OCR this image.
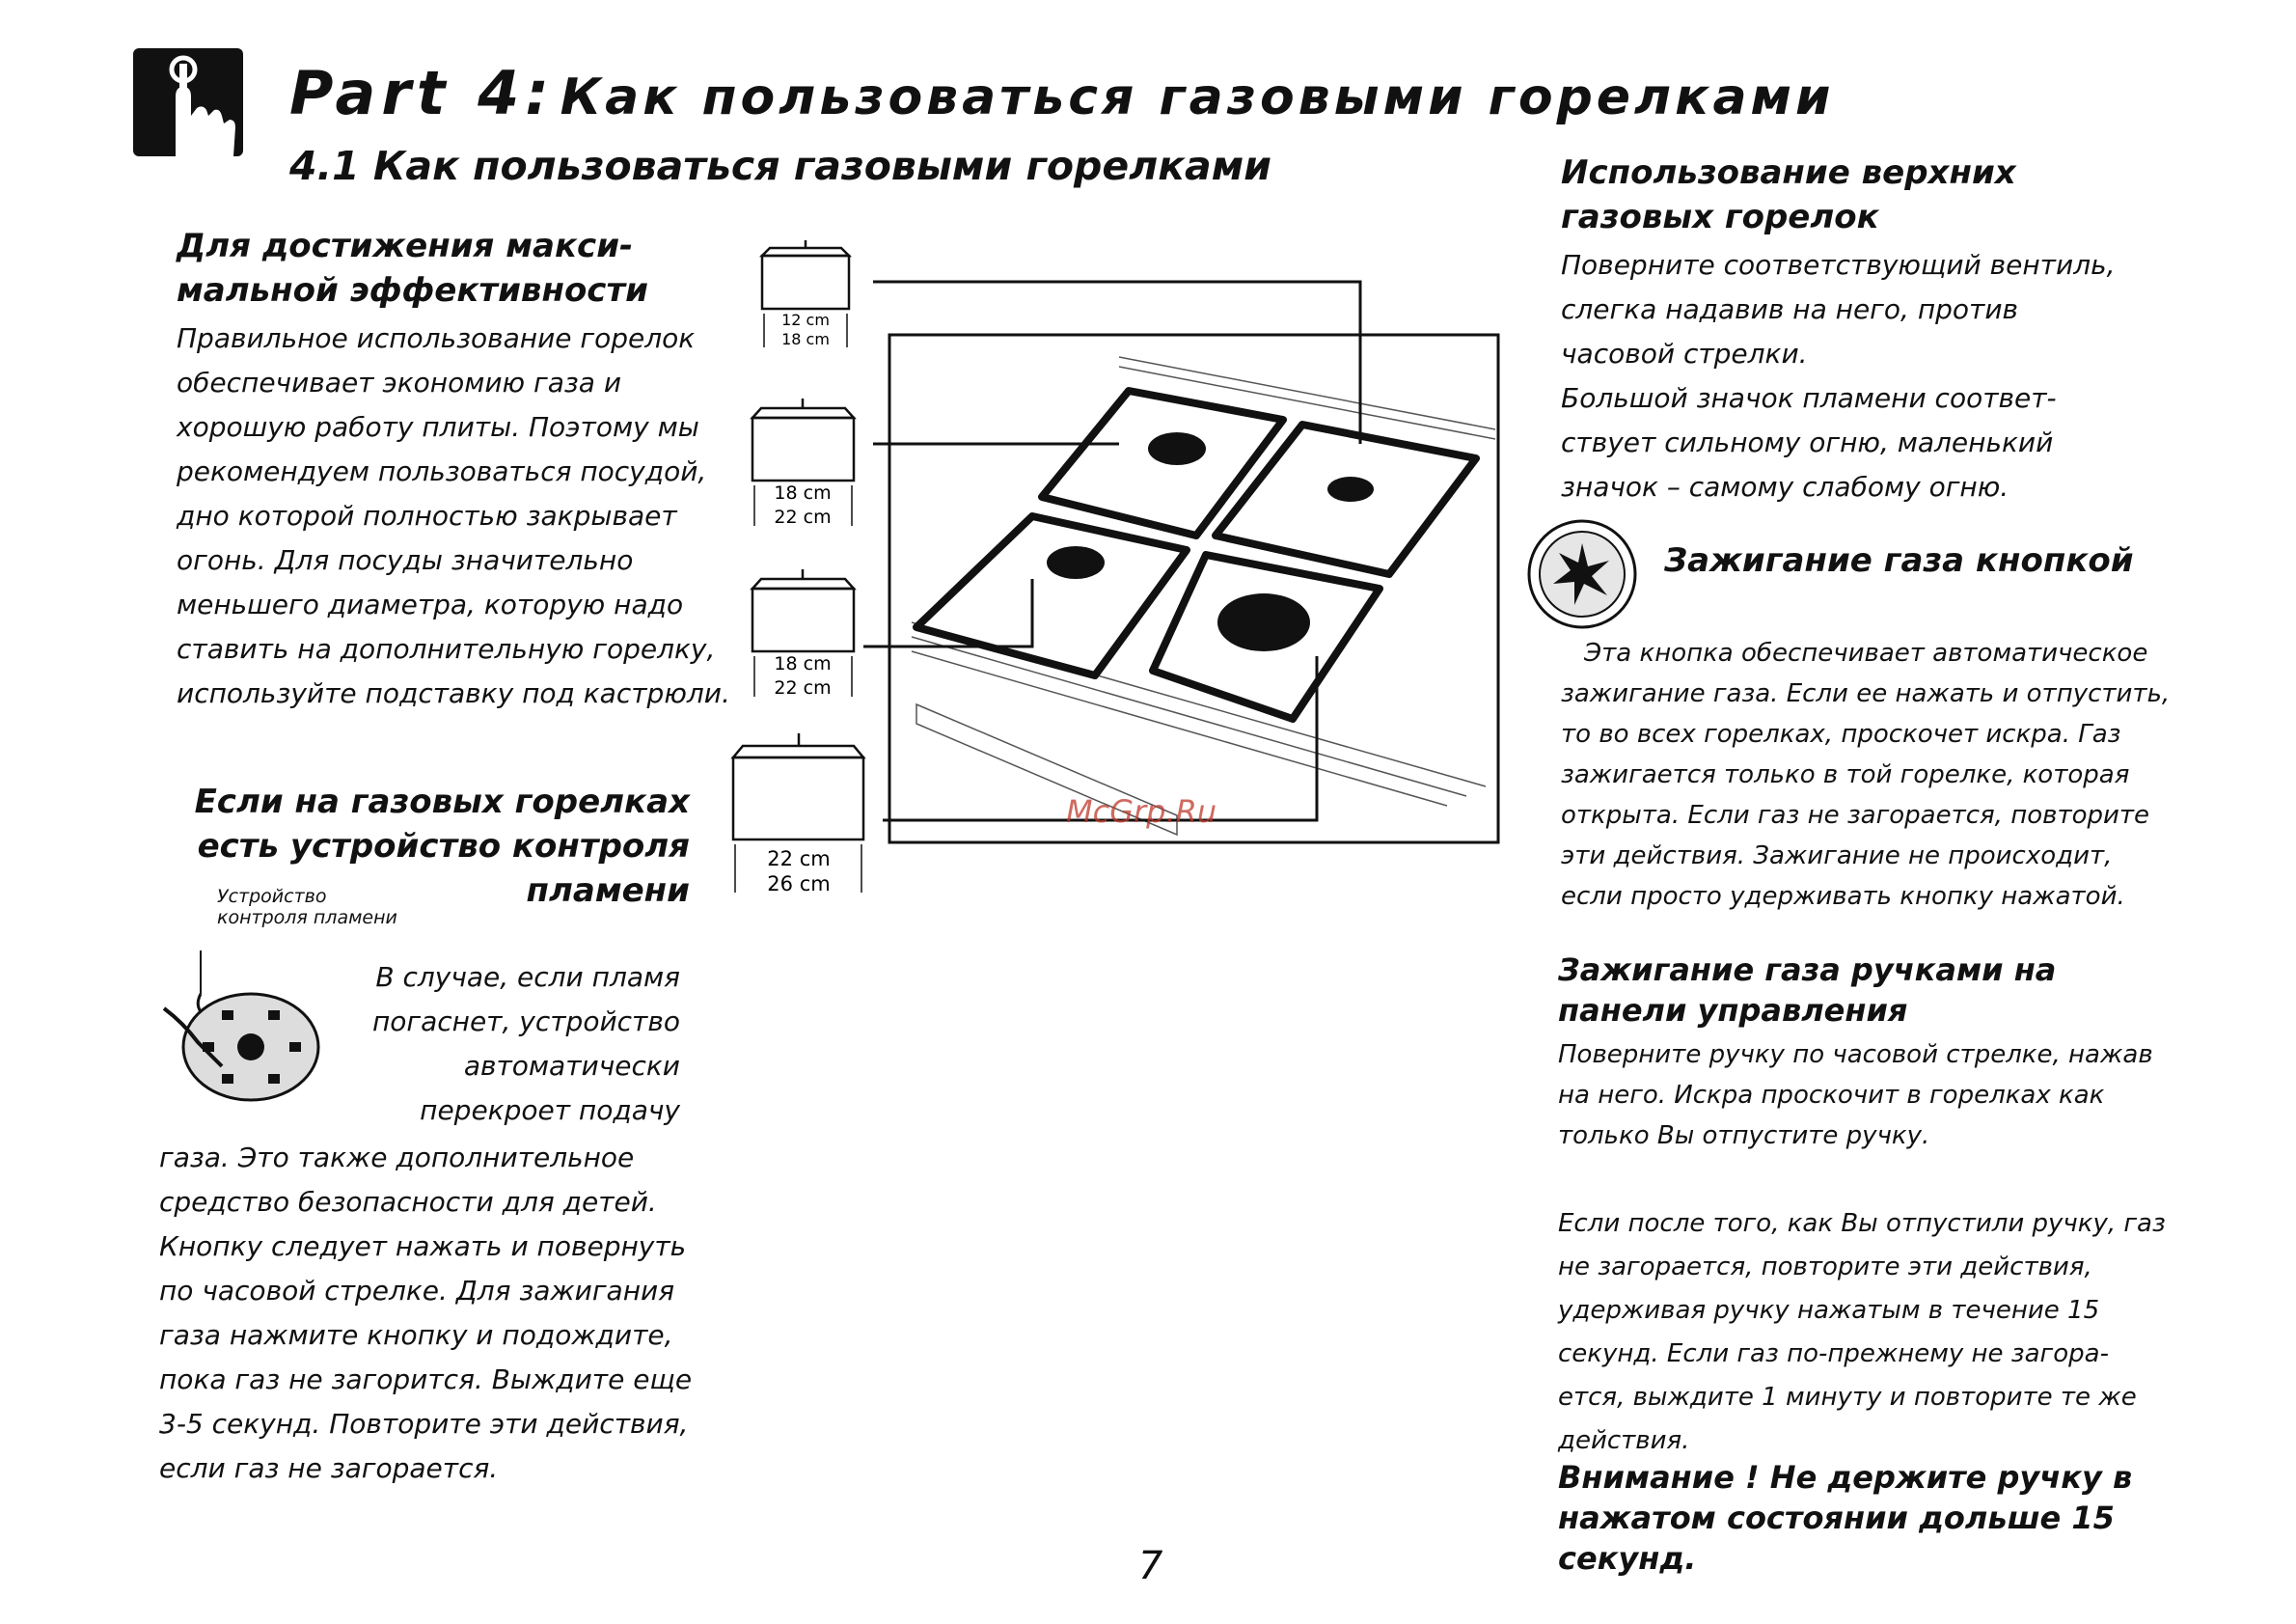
Part 4: Как пользоваться газовыми горелками
4.1 Как пользоваться газовыми горелками
Для достижения макси-
мальной эффективности
Правильное использование горелок
обеспечивает экономию газа и
хорошую работу плиты. Поэтому мы
рекомендуем пользоваться посудой,
дно которой полностью закрывает
огонь. Для посуды значительно
меньшего диаметра, которую надо
ставить на дополнительную горелку,
используйте подставку под кастрюли.
12 cm
18 cm
18 cm
22 cm
18 cm
22 cm
22 cm
26 cm
McGrp.Ru
Если на газовых горелках
есть устройство контроля
пламени
Устройство
контроля пламени
В случае, если пламя
погаснет, устройство
автоматически
перекроет подачу
газа. Это также дополнительное
средство безопасности для детей.
Кнопку следует нажать и повернуть
по часовой стрелке. Для зажигания
газа нажмите кнопку и подождите,
пока газ не загорится. Выждите еще
3-5 секунд. Повторите эти действия,
если газ не загорается.
Использование верхних
газовых горелок
Поверните соответствующий вентиль,
слегка надавив на него, против
часовой стрелки.
Большой значок пламени соответ-
ствует сильному огню, маленький
значок – самому слабому огню.
Зажигание газа кнопкой
Эта кнопка обеспечивает автоматическое
зажигание газа. Если ее нажать и отпустить,
то во всех горелках, проскочет искра. Газ
зажигается только в той горелке, которая
открыта. Если газ не загорается, повторите
эти действия. Зажигание не происходит,
если просто удерживать кнопку нажатой.
Зажигание газа ручками на
панели управления
Поверните ручку по часовой стрелке, нажав
на него. Искра проскочит в горелках как
только Вы отпустите ручку.
Если после того, как Вы отпустили ручку, газ
не загорается, повторите эти действия,
удерживая ручку нажатым в течение 15
секунд. Если газ по-прежнему не загора-
ется, выждите 1 минуту и повторите те же
действия.
Внимание ! Не держите ручку в
нажатом состоянии дольше 15
секунд.
7
